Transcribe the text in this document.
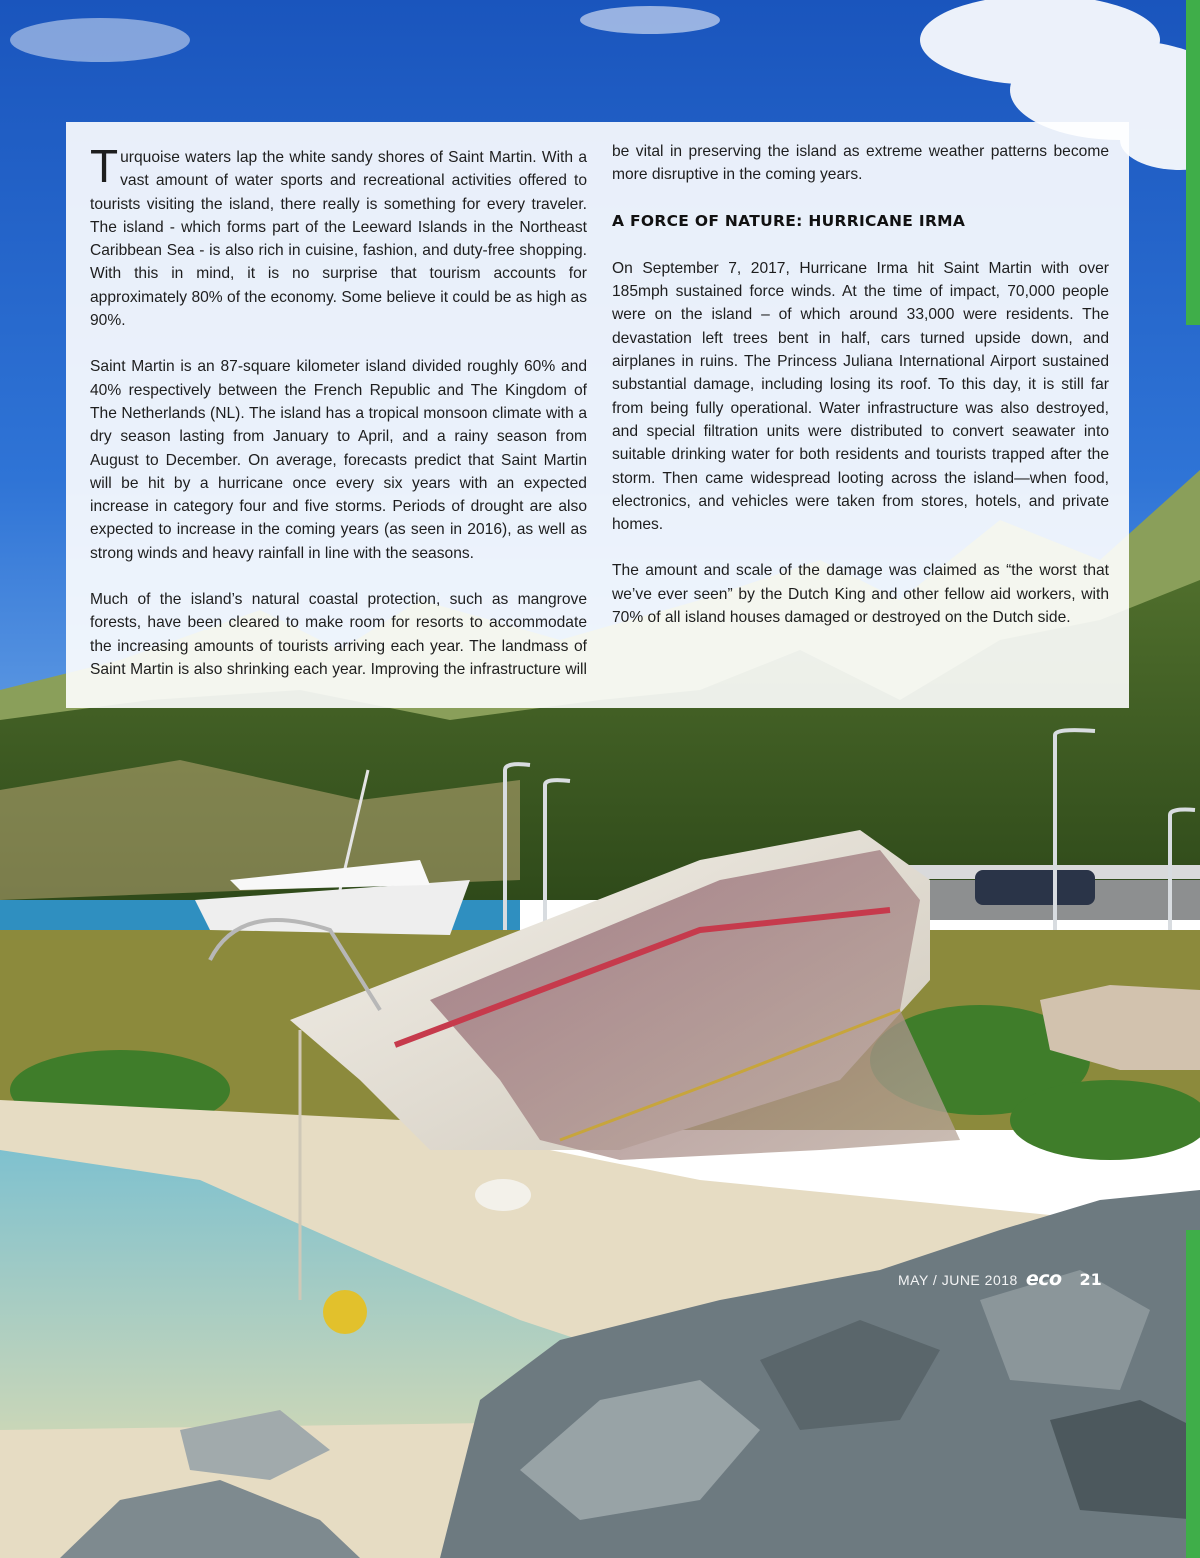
Turquoise waters lap the white sandy shores of Saint Martin. With a vast amount of water sports and recreational activities offered to tourists visiting the island, there really is something for every traveler. The island - which forms part of the Leeward Islands in the Northeast Caribbean Sea - is also rich in cuisine, fashion, and duty-free shopping. With this in mind, it is no surprise that tourism accounts for approximately 80% of the economy. Some believe it could be as high as 90%.

Saint Martin is an 87-square kilometer island divided roughly 60% and 40% respectively between the French Republic and The Kingdom of The Netherlands (NL). The island has a tropical monsoon climate with a dry season lasting from January to April, and a rainy season from August to December. On average, forecasts predict that Saint Martin will be hit by a hurricane once every six years with an expected increase in category four and five storms. Periods of drought are also expected to increase in the coming years (as seen in 2016), as well as strong winds and heavy rainfall in line with the seasons.

Much of the island’s natural coastal protection, such as mangrove forests, have been cleared to make room for resorts to accommodate the increasing amounts of tourists arriving each year. The landmass of Saint Martin is also shrinking each year. Improving the infrastructure will

be vital in preserving the island as extreme weather patterns become more disruptive in the coming years.

A FORCE OF NATURE: HURRICANE IRMA

On September 7, 2017, Hurricane Irma hit Saint Martin with over 185mph sustained force winds. At the time of impact, 70,000 people were on the island – of which around 33,000 were residents. The devastation left trees bent in half, cars turned upside down, and airplanes in ruins. The Princess Juliana International Airport sustained substantial damage, including losing its roof. To this day, it is still far from being fully operational. Water infrastructure was also destroyed, and special filtration units were distributed to convert seawater into suitable drinking water for both residents and tourists trapped after the storm. Then came widespread looting across the island—when food, electronics, and vehicles were taken from stores, hotels, and private homes.

The amount and scale of the damage was claimed as “the worst that we’ve ever seen” by the Dutch King and other fellow aid workers, with 70% of all island houses damaged or destroyed on the Dutch side.

MAY / JUNE 2018 eco 21
